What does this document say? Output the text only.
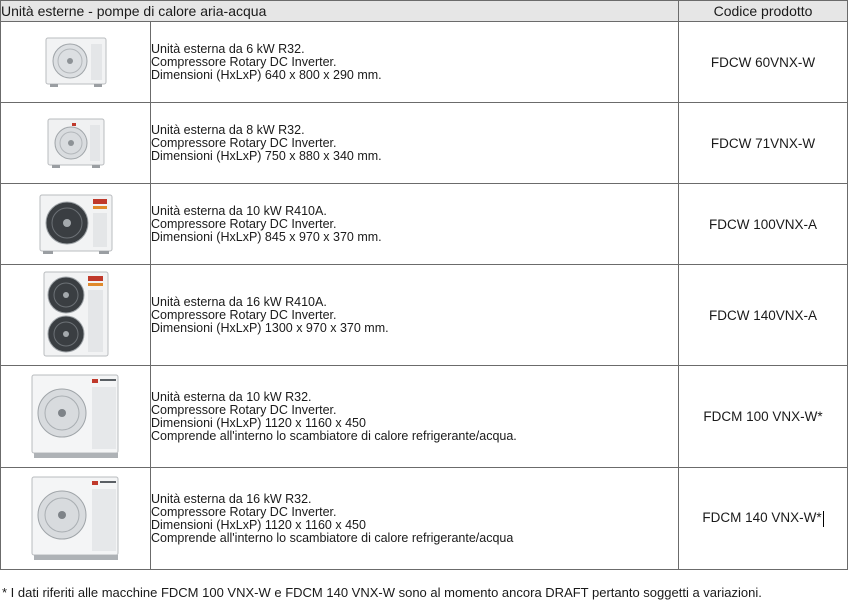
Unità esterne - pompe di calore aria-acqua		Codice prodotto

Unità esterna da 6 kW R32.
Compressore Rotary DC Inverter.
Dimensioni (HxLxP) 640 x 800 x 290 mm.	FDCW 60VNX-W

Unità esterna da 8 kW R32.
Compressore Rotary DC Inverter.
Dimensioni (HxLxP) 750 x 880 x 340 mm.	FDCW 71VNX-W

Unità esterna da 10 kW R410A.
Compressore Rotary DC Inverter.
Dimensioni (HxLxP) 845 x 970 x 370 mm.	FDCW 100VNX-A

Unità esterna da 16 kW R410A.
Compressore Rotary DC Inverter.
Dimensioni (HxLxP) 1300 x 970 x 370 mm.	FDCW 140VNX-A

Unità esterna da 10 kW R32.
Compressore Rotary DC Inverter.
Dimensioni (HxLxP) 1120 x 1160 x 450
Comprende all'interno lo scambiatore di calore refrigerante/acqua.	FDCM 100 VNX-W*

Unità esterna da 16 kW R32.
Compressore Rotary DC Inverter.
Dimensioni (HxLxP) 1120 x 1160 x 450
Comprende all'interno lo scambiatore di calore refrigerante/acqua	FDCM 140 VNX-W*
* I dati riferiti alle macchine FDCM 100 VNX-W e FDCM 140 VNX-W sono al momento ancora DRAFT pertanto soggetti a variazioni.
